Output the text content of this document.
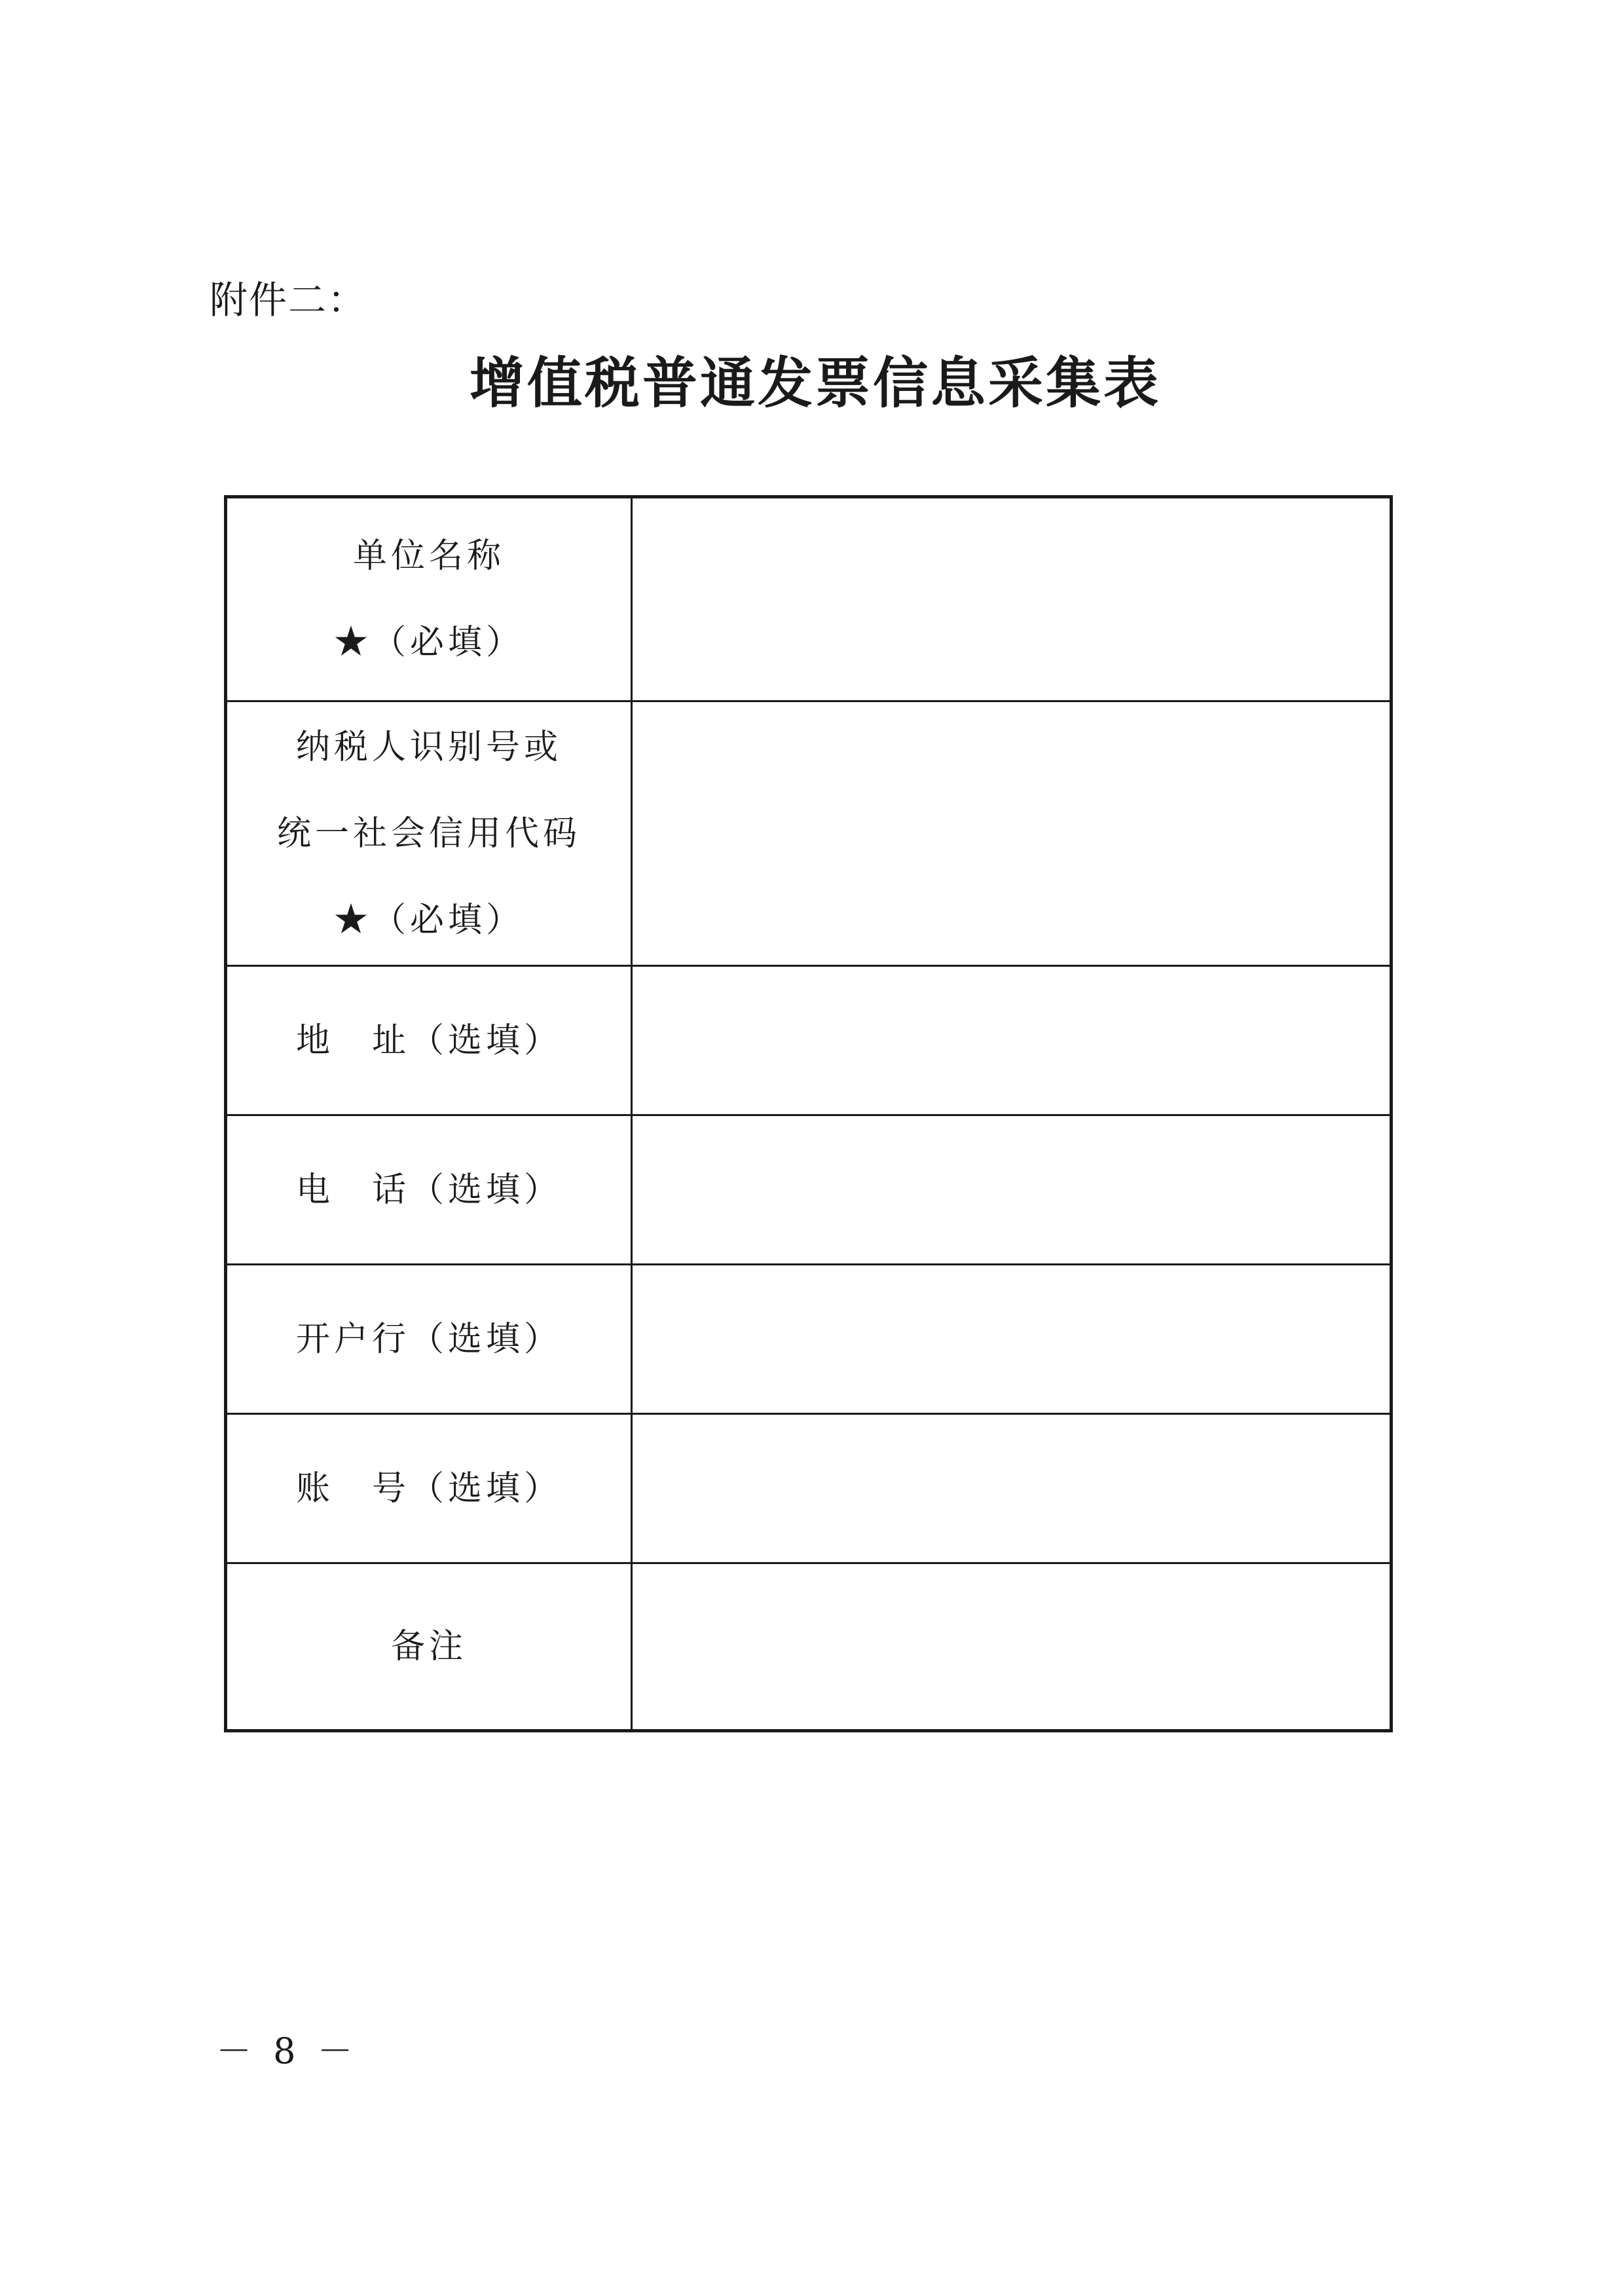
附件二：
增值税普通发票信息采集表
单位名称
★（必填）	

纳税人识别号或
统一社会信用代码
★（必填）	

地　址（选填）	

电　话（选填）	

开户行（选填）	

账　号（选填）	

备注	

－ 8 －
